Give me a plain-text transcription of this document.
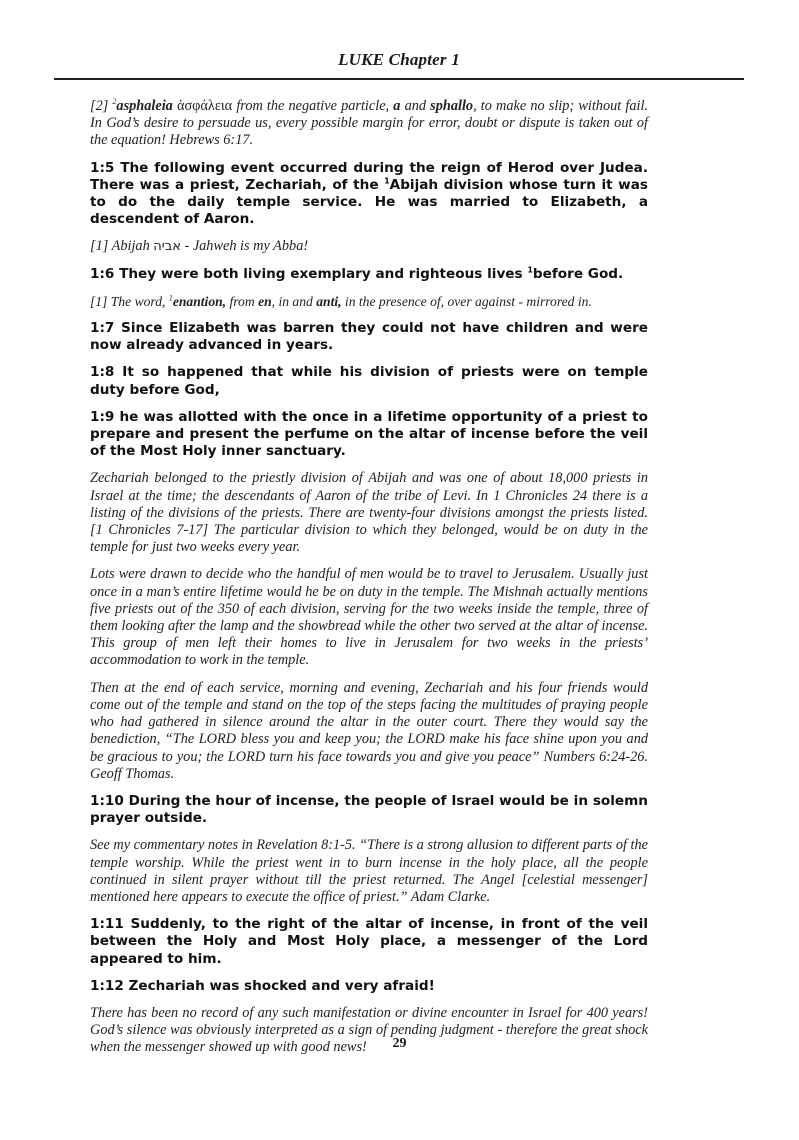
LUKE Chapter 1

[2] $^2$asphaleia ἀσφάλεια from the negative particle, a and sphallo, to make no slip; without fail. In God’s desire to persuade us, every possible margin for error, doubt or dispute is taken out of the equation! Hebrews 6:17.

1:5 The following event occurred during the reign of Herod over Judea. There was a priest, Zechariah, of the $^1$Abijah division whose turn it was to do the daily temple service. He was married to Elizabeth, a descendent of Aaron.

[1] Abijah אביה - Jahweh is my Abba!

1:6 They were both living exemplary and righteous lives $^1$before God.

[1] The word, $^1$enantion, from en, in and anti, in the presence of, over against - mirrored in.

1:7 Since Elizabeth was barren they could not have children and were now already advanced in years.

1:8 It so happened that while his division of priests were on temple duty before God,

1:9 he was allotted with the once in a lifetime opportunity of a priest to prepare and present the perfume on the altar of incense before the veil of the Most Holy inner sanctuary.

Zechariah belonged to the priestly division of Abijah and was one of about 18,000 priests in Israel at the time; the descendants of Aaron of the tribe of Levi. In 1 Chronicles 24 there is a listing of the divisions of the priests. There are twenty-four divisions amongst the priests listed. [1 Chronicles 7-17] The particular division to which they belonged, would be on duty in the temple for just two weeks every year.

Lots were drawn to decide who the handful of men would be to travel to Jerusalem. Usually just once in a man’s entire lifetime would he be on duty in the temple. The Mishnah actually mentions five priests out of the 350 of each division, serving for the two weeks inside the temple, three of them looking after the lamp and the showbread while the other two served at the altar of incense. This group of men left their homes to live in Jerusalem for two weeks in the priests’ accommodation to work in the temple.

Then at the end of each service, morning and evening, Zechariah and his four friends would come out of the temple and stand on the top of the steps facing the multitudes of praying people who had gathered in silence around the altar in the outer court. There they would say the benediction, “The LORD bless you and keep you; the LORD make his face shine upon you and be gracious to you; the LORD turn his face towards you and give you peace” Numbers 6:24-26. Geoff Thomas.

1:10 During the hour of incense, the people of Israel would be in solemn prayer outside.

See my commentary notes in Revelation 8:1-5. “There is a strong allusion to different parts of the temple worship. While the priest went in to burn incense in the holy place, all the people continued in silent prayer without till the priest returned. The Angel [celestial messenger] mentioned here appears to execute the office of priest.” Adam Clarke.

1:11 Suddenly, to the right of the altar of incense, in front of the veil between the Holy and Most Holy place, a messenger of the Lord appeared to him.

1:12 Zechariah was shocked and very afraid!

There has been no record of any such manifestation or divine encounter in Israel for 400 years! God’s silence was obviously interpreted as a sign of pending judgment - therefore the great shock when the messenger showed up with good news!	29
